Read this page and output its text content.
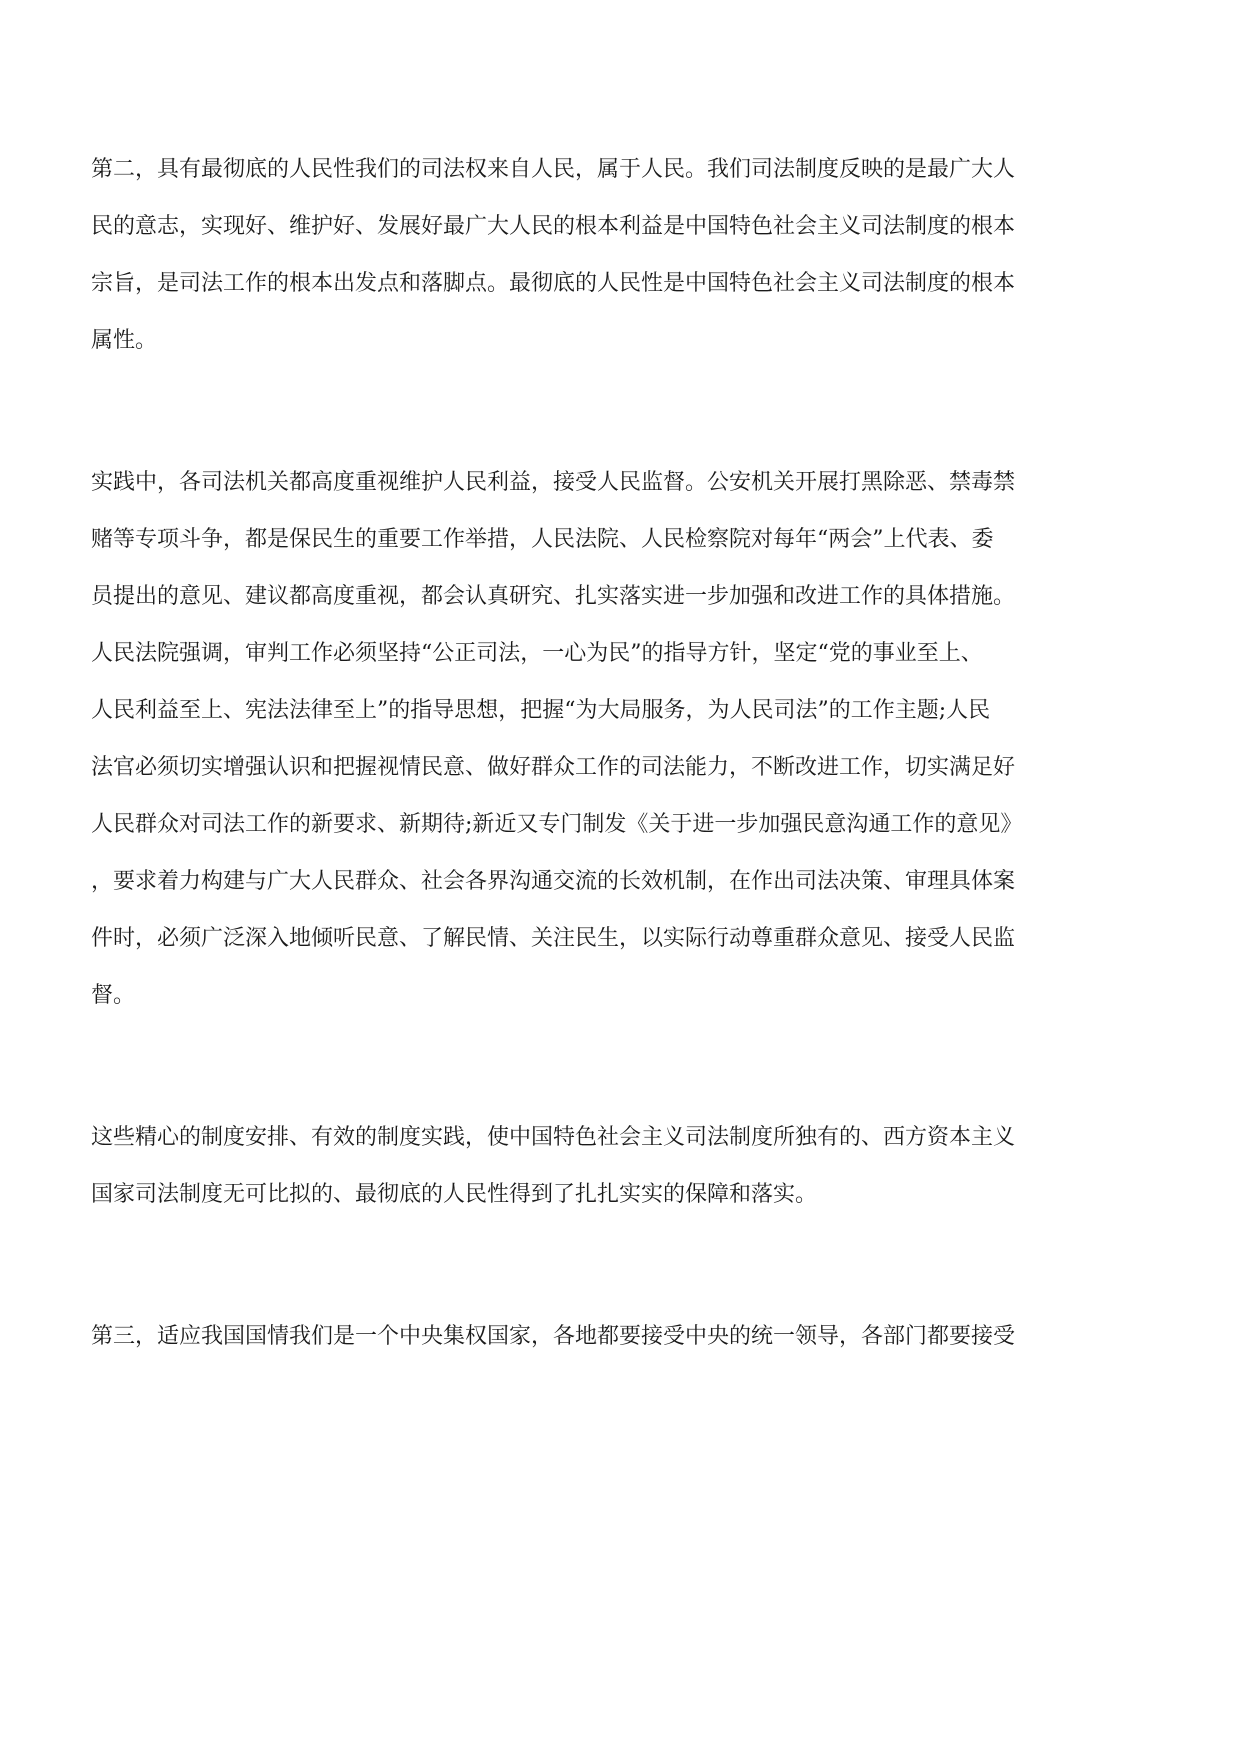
第二，具有最彻底的人民性我们的司法权来自人民，属于人民。我们司法制度反映的是最广大人

民的意志，实现好、维护好、发展好最广大人民的根本利益是中国特色社会主义司法制度的根本

宗旨，是司法工作的根本出发点和落脚点。最彻底的人民性是中国特色社会主义司法制度的根本

属性。

实践中，各司法机关都高度重视维护人民利益，接受人民监督。公安机关开展打黑除恶、禁毒禁

赌等专项斗争，都是保民生的重要工作举措，人民法院、人民检察院对每年“两会”上代表、委

员提出的意见、建议都高度重视，都会认真研究、扎实落实进一步加强和改进工作的具体措施。

人民法院强调，审判工作必须坚持“公正司法，一心为民”的指导方针，坚定“党的事业至上、

人民利益至上、宪法法律至上”的指导思想，把握“为大局服务，为人民司法”的工作主题;人民

法官必须切实增强认识和把握视情民意、做好群众工作的司法能力，不断改进工作，切实满足好

人民群众对司法工作的新要求、新期待;新近又专门制发《关于进一步加强民意沟通工作的意见》

，要求着力构建与广大人民群众、社会各界沟通交流的长效机制，在作出司法决策、审理具体案

件时，必须广泛深入地倾听民意、了解民情、关注民生，以实际行动尊重群众意见、接受人民监

督。

这些精心的制度安排、有效的制度实践，使中国特色社会主义司法制度所独有的、西方资本主义

国家司法制度无可比拟的、最彻底的人民性得到了扎扎实实的保障和落实。

第三，适应我国国情我们是一个中央集权国家，各地都要接受中央的统一领导，各部门都要接受
